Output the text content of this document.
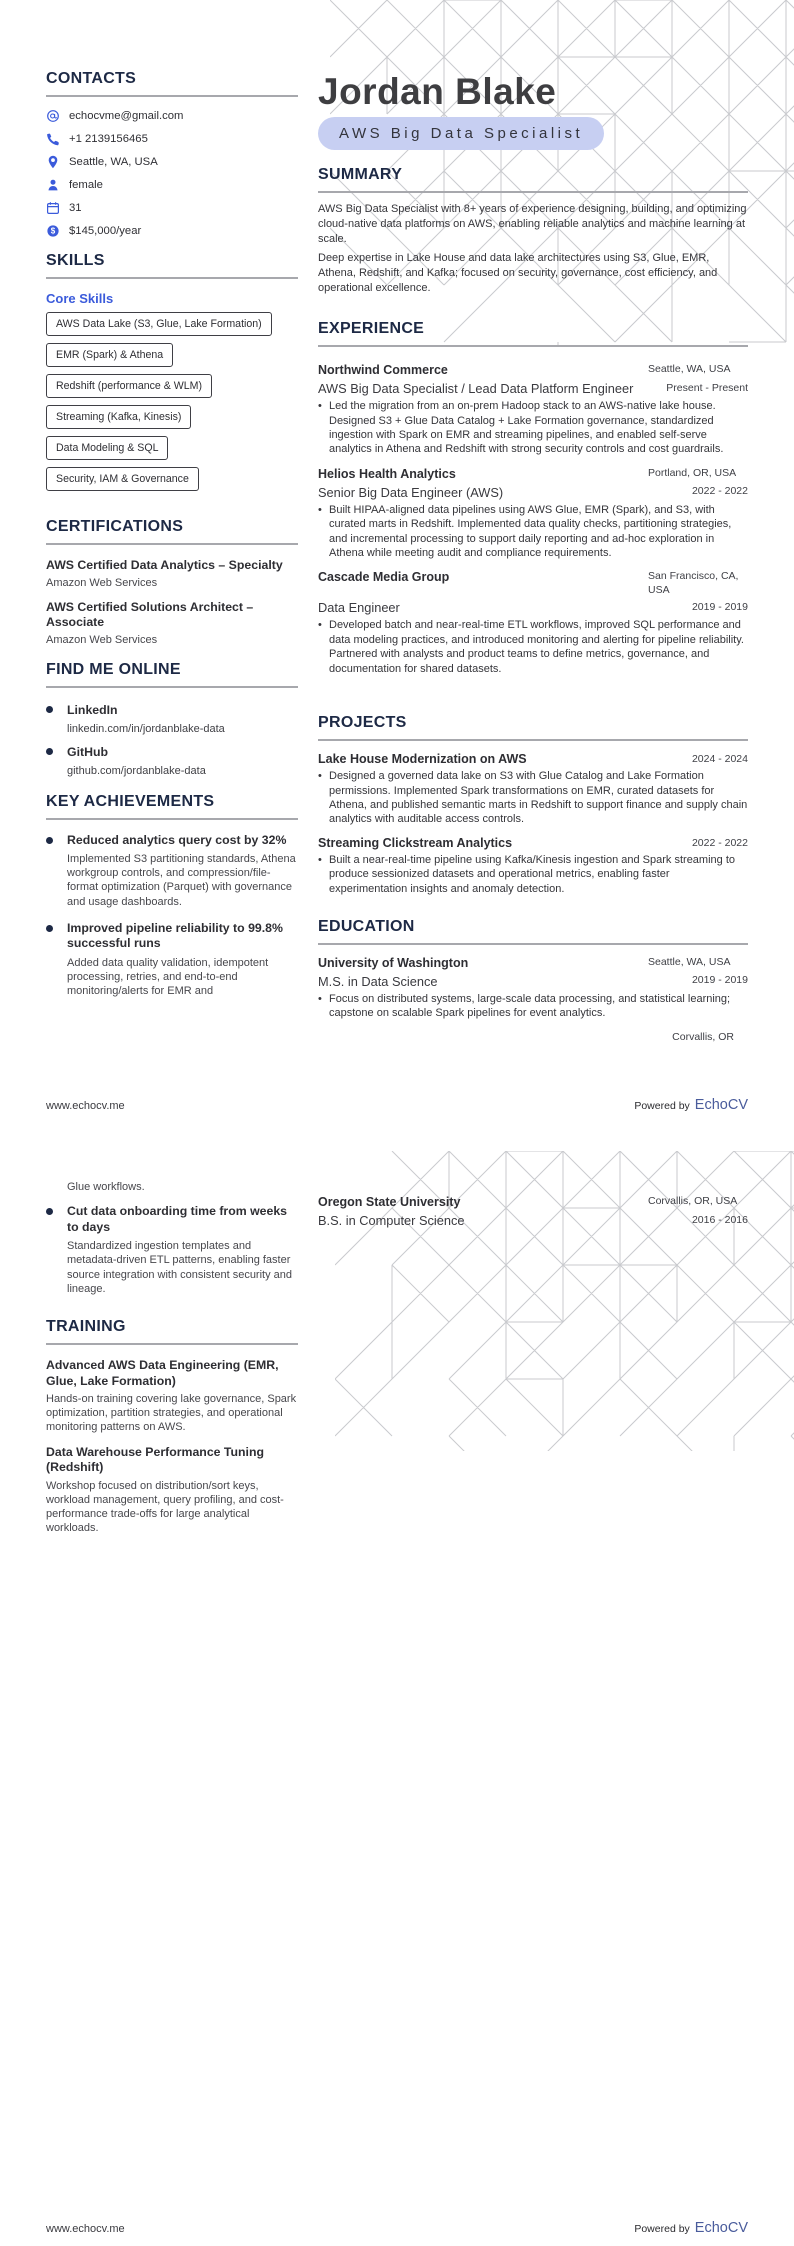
CONTACTS
echocvme@gmail.com
+1 2139156465
Seattle, WA, USA
female
31
$ $145,000/year
SKILLS
Core Skills
AWS Data Lake (S3, Glue, Lake Formation)
EMR (Spark) & Athena
Redshift (performance & WLM)
Streaming (Kafka, Kinesis)
Data Modeling & SQL
Security, IAM & Governance
CERTIFICATIONS
AWS Certified Data Analytics – Specialty
Amazon Web Services
AWS Certified Solutions Architect – Associate
Amazon Web Services
FIND ME ONLINE
LinkedIn
linkedin.com/in/jordanblake-data
GitHub
github.com/jordanblake-data
KEY ACHIEVEMENTS
Reduced analytics query cost by 32%
Implemented S3 partitioning standards, Athena workgroup controls, and compression/file-format optimization (Parquet) with governance and usage dashboards.
Improved pipeline reliability to 99.8% successful runs
Added data quality validation, idempotent processing, retries, and end-to-end monitoring/alerts for EMR and
Jordan Blake
AWS Big Data Specialist
SUMMARY
AWS Big Data Specialist with 8+ years of experience designing, building, and optimizing cloud-native data platforms on AWS, enabling reliable analytics and machine learning at scale.
Deep expertise in Lake House and data lake architectures using S3, Glue, EMR, Athena, Redshift, and Kafka; focused on security, governance, cost efficiency, and operational excellence.
EXPERIENCE
Northwind Commerce	Seattle, WA, USA
AWS Big Data Specialist / Lead Data Platform Engineer	Present - Present
• Led the migration from an on-prem Hadoop stack to an AWS-native lake house. Designed S3 + Glue Data Catalog + Lake Formation governance, standardized ingestion with Spark on EMR and streaming pipelines, and enabled self-serve analytics in Athena and Redshift with strong security controls and cost guardrails.
Helios Health Analytics	Portland, OR, USA
Senior Big Data Engineer (AWS)	2022 - 2022
• Built HIPAA-aligned data pipelines using AWS Glue, EMR (Spark), and S3, with curated marts in Redshift. Implemented data quality checks, partitioning strategies, and incremental processing to support daily reporting and ad-hoc exploration in Athena while meeting audit and compliance requirements.
Cascade Media Group	San Francisco, CA, USA
Data Engineer	2019 - 2019
• Developed batch and near-real-time ETL workflows, improved SQL performance and data modeling practices, and introduced monitoring and alerting for pipeline reliability. Partnered with analysts and product teams to define metrics, governance, and documentation for shared datasets.
PROJECTS
Lake House Modernization on AWS	2024 - 2024
• Designed a governed data lake on S3 with Glue Catalog and Lake Formation permissions. Implemented Spark transformations on EMR, curated datasets for Athena, and published semantic marts in Redshift to support finance and supply chain analytics with auditable access controls.
Streaming Clickstream Analytics	2022 - 2022
• Built a near-real-time pipeline using Kafka/Kinesis ingestion and Spark streaming to produce sessionized datasets and operational metrics, enabling faster experimentation insights and anomaly detection.
EDUCATION
University of Washington	Seattle, WA, USA
M.S. in Data Science	2019 - 2019
• Focus on distributed systems, large-scale data processing, and statistical learning; capstone on scalable Spark pipelines for event analytics.
Corvallis, OR
www.echocv.me	Powered by EchoCV
Glue workflows.
Cut data onboarding time from weeks to days
Standardized ingestion templates and metadata-driven ETL patterns, enabling faster source integration with consistent security and lineage.
TRAINING
Advanced AWS Data Engineering (EMR, Glue, Lake Formation)
Hands-on training covering lake governance, Spark optimization, partition strategies, and operational monitoring patterns on AWS.
Data Warehouse Performance Tuning (Redshift)
Workshop focused on distribution/sort keys, workload management, query profiling, and cost-performance trade-offs for large analytical workloads.
Oregon State University	Corvallis, OR, USA
B.S. in Computer Science	2016 - 2016
www.echocv.me	Powered by EchoCV
